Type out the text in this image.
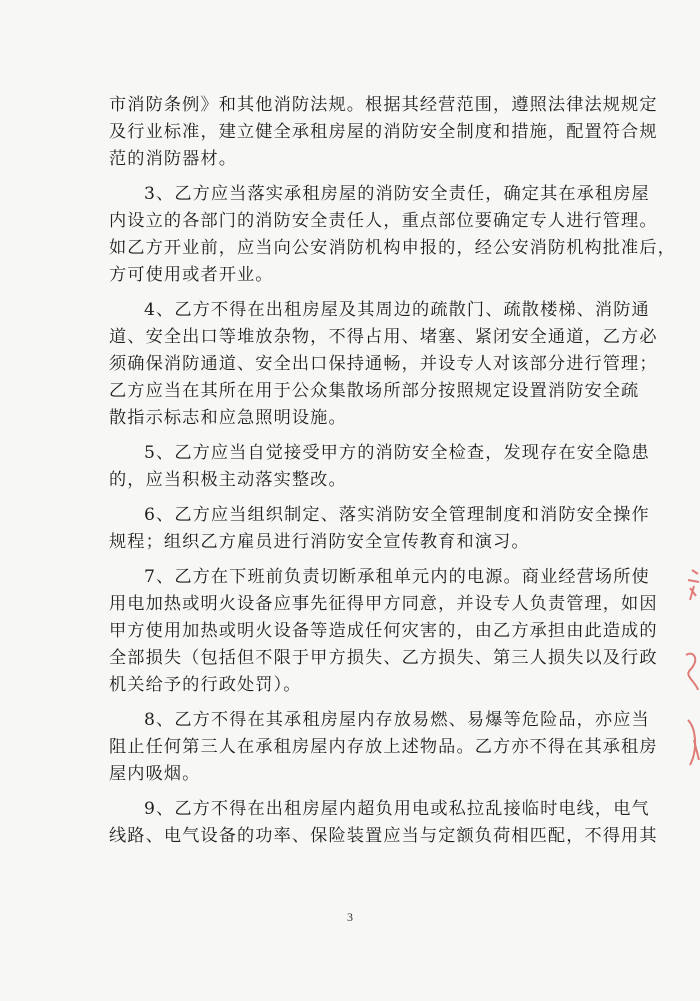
市消防条例》和其他消防法规。根据其经营范围，遵照法律法规规定
及行业标准，建立健全承租房屋的消防安全制度和措施，配置符合规
范的消防器材。
3、乙方应当落实承租房屋的消防安全责任，确定其在承租房屋
内设立的各部门的消防安全责任人，重点部位要确定专人进行管理。
如乙方开业前，应当向公安消防机构申报的，经公安消防机构批准后，
方可使用或者开业。
4、乙方不得在出租房屋及其周边的疏散门、疏散楼梯、消防通
道、安全出口等堆放杂物，不得占用、堵塞、紧闭安全通道，乙方必
须确保消防通道、安全出口保持通畅，并设专人对该部分进行管理；
乙方应当在其所在用于公众集散场所部分按照规定设置消防安全疏
散指示标志和应急照明设施。
5、乙方应当自觉接受甲方的消防安全检查，发现存在安全隐患
的，应当积极主动落实整改。
6、乙方应当组织制定、落实消防安全管理制度和消防安全操作
规程；组织乙方雇员进行消防安全宣传教育和演习。
7、乙方在下班前负责切断承租单元内的电源。商业经营场所使
用电加热或明火设备应事先征得甲方同意，并设专人负责管理，如因
甲方使用加热或明火设备等造成任何灾害的，由乙方承担由此造成的
全部损失（包括但不限于甲方损失、乙方损失、第三人损失以及行政
机关给予的行政处罚）。
8、乙方不得在其承租房屋内存放易燃、易爆等危险品，亦应当
阻止任何第三人在承租房屋内存放上述物品。乙方亦不得在其承租房
屋内吸烟。
9、乙方不得在出租房屋内超负用电或私拉乱接临时电线，电气
线路、电气设备的功率、保险装置应当与定额负荷相匹配，不得用其
3
